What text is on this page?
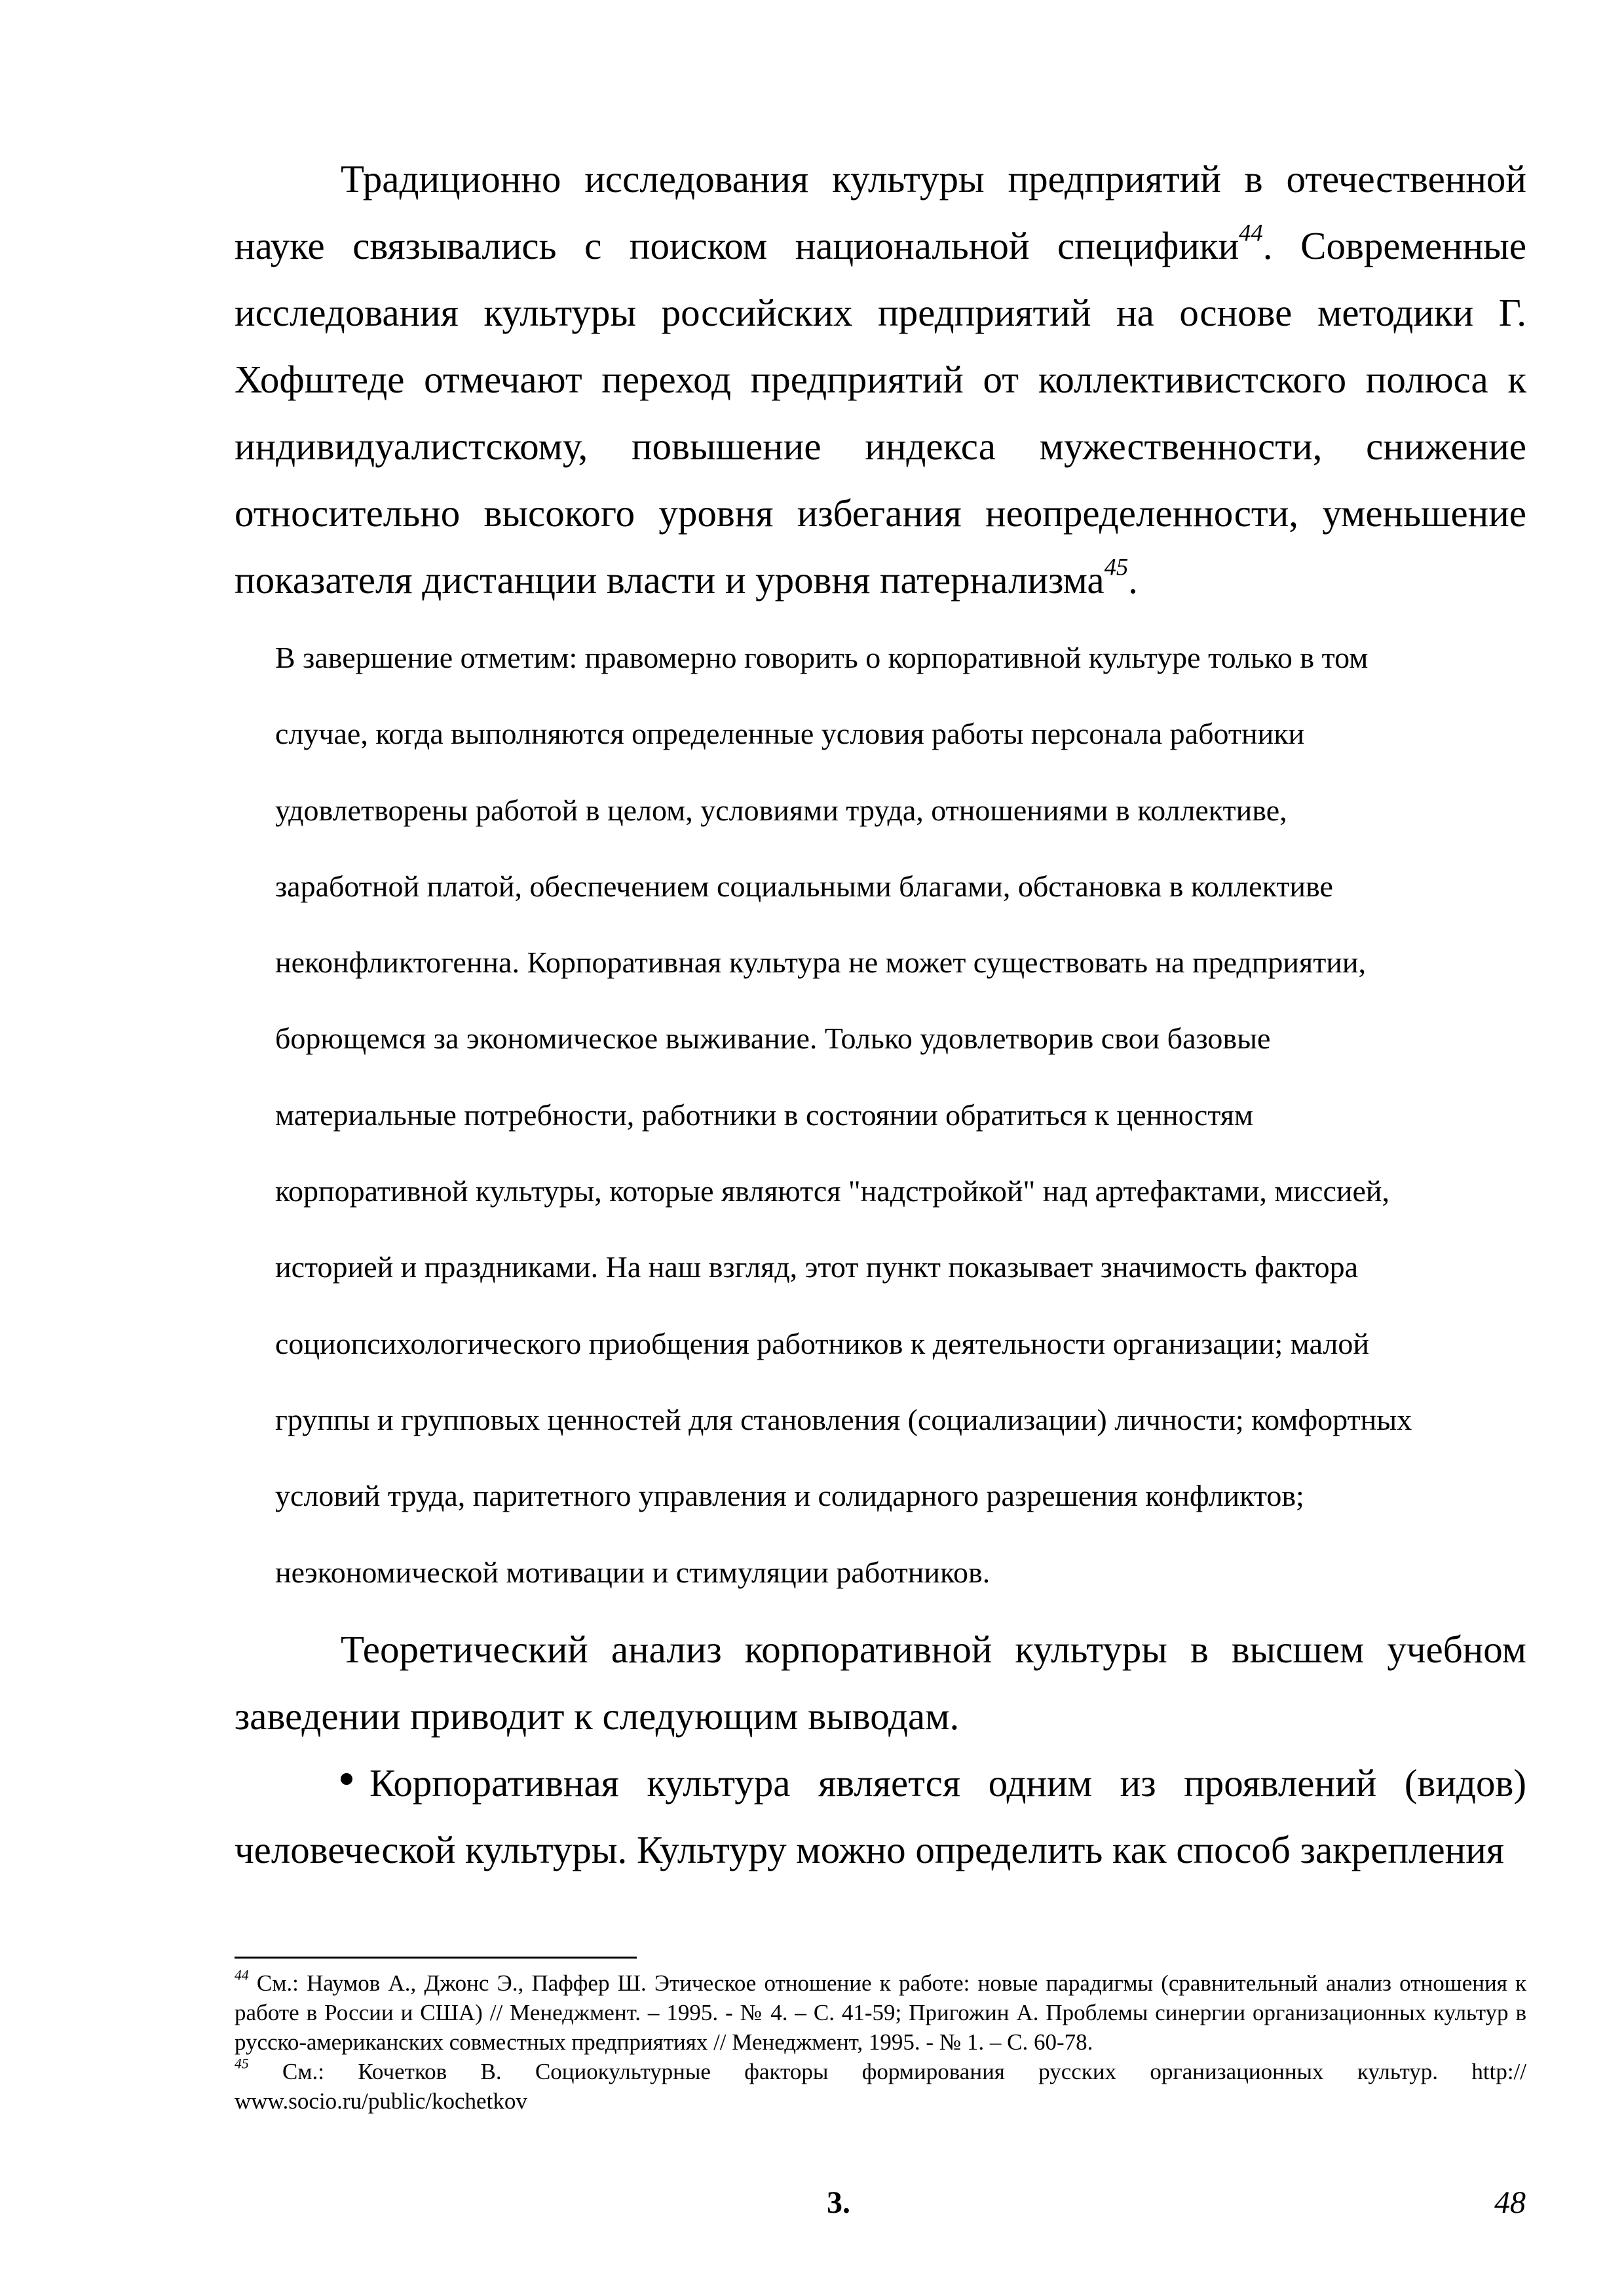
Традиционно исследования культуры предприятий в отечественной науке связывались с поиском национальной специфики$^{44}$. Современные исследования культуры российских предприятий на основе методики Г. Хофштеде отмечают переход предприятий от коллективистского полюса к индивидуалистскому, повышение индекса мужественности, снижение относительно высокого уровня избегания неопределенности, уменьшение показателя дистанции власти и уровня патернализма$^{45}$.

В завершение отметим: правомерно говорить о корпоративной культуре только в том
случае, когда выполняются определенные условия работы персонала работники
удовлетворены работой в целом, условиями труда, отношениями в коллективе,
заработной платой, обеспечением социальными благами, обстановка в коллективе
неконфликтогенна. Корпоративная культура не может существовать на предприятии,
борющемся за экономическое выживание. Только удовлетворив свои базовые
материальные потребности, работники в состоянии обратиться к ценностям
корпоративной культуры, которые являются "надстройкой" над артефактами, миссией,
историей и праздниками. На наш взгляд, этот пункт показывает значимость фактора
социопсихологического приобщения работников к деятельности организации; малой
группы и групповых ценностей для становления (социализации) личности; комфортных
условий труда, паритетного управления и солидарного разрешения конфликтов;
неэкономической мотивации и стимуляции работников.

Теоретический анализ корпоративной культуры в высшем учебном заведении приводит к следующим выводам.

Корпоративная культура является одним из проявлений (видов) человеческой культуры. Культуру можно определить как способ закрепления

$^{44}$ См.: Наумов А., Джонс Э., Паффер Ш. Этическое отношение к работе: новые парадигмы (сравнительный анализ отношения к работе в России и США) // Менеджмент. – 1995. - № 4. – С. 41-59; Пригожин А. Проблемы синергии организационных культур в русско-американских совместных предприятиях // Менеджмент, 1995. - № 1. – С. 60-78.

$^{45}$ См.: Кочетков В. Социокультурные факторы формирования русских организационных культур. http:// www.socio.ru/public/kochetkov

3.	48
